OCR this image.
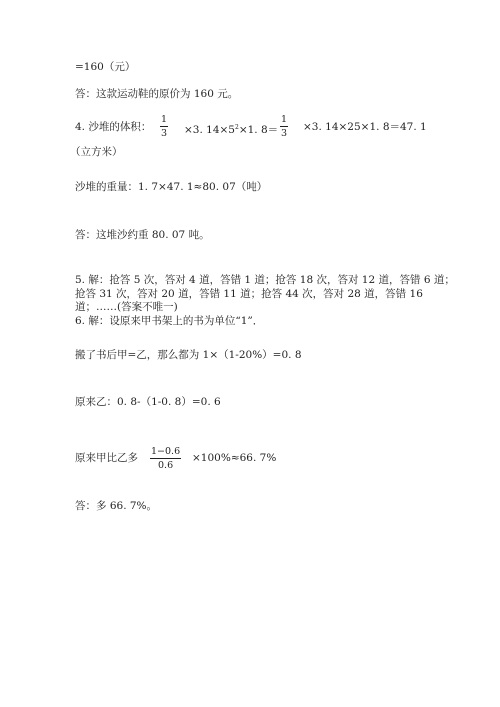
=160（元）
答：这款运动鞋的原价为 160 元。
4. 沙堆的体积：
1
3 ×3. $14\times 5^2\times 1$. 8＝
1
3
×3. 14×25×1. 8＝47. 1
（立方米）
沙堆的重量：1. 7×47. 1≈80. 07（吨）
答：这堆沙约重 80. 07 吨。
5. 解：抢答 5 次，答对 4 道，答错 1 道；抢答 18 次，答对 12 道，答错 6 道；
抢答 31 次，答对 20 道，答错 11 道；抢答 44 次，答对 28 道，答错 16
道；……(答案不唯一)
6. 解：设原来甲书架上的书为单位“1”．
搬了书后甲=乙，那么都为 1×（1-20%）=0. 8
原来乙：0. 8-（1-0. 8）=0. 6
原来甲比乙多
1−0.6
0.6
×100%≈66. 7%
答：多 66. 7%。
